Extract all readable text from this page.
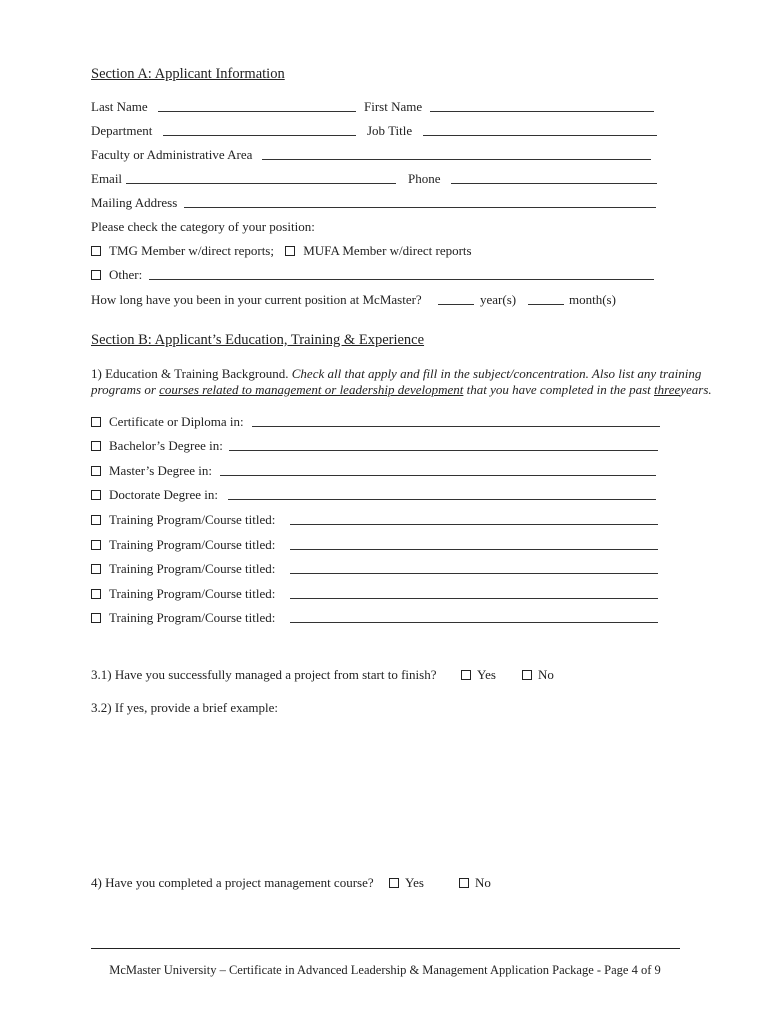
Section A: Applicant Information
Last Name	First Name
Department	Job Title
Faculty or Administrative Area
Email	Phone
Mailing Address
Please check the category of your position:
TMG Member w/direct reports; MUFA Member w/direct reports
Other:
How long have you been in your current position at McMaster?	year(s)	month(s)
Section B: Applicant’s Education, Training & Experience
1) Education & Training Background. Check all that apply and fill in the subject/concentration. Also list any training
programs or courses related to management or leadership development that you have completed in the past threeyears.
Certificate or Diploma in:
Bachelor’s Degree in:
Master’s Degree in:
Doctorate Degree in:
Training Program/Course titled:
Training Program/Course titled:
Training Program/Course titled:
Training Program/Course titled:
Training Program/Course titled:
3.1) Have you successfully managed a project from start to finish?	Yes	No
3.2) If yes, provide a brief example:
4) Have you completed a project management course?	Yes	No
McMaster University – Certificate in Advanced Leadership & Management Application Package - Page 4 of 9
